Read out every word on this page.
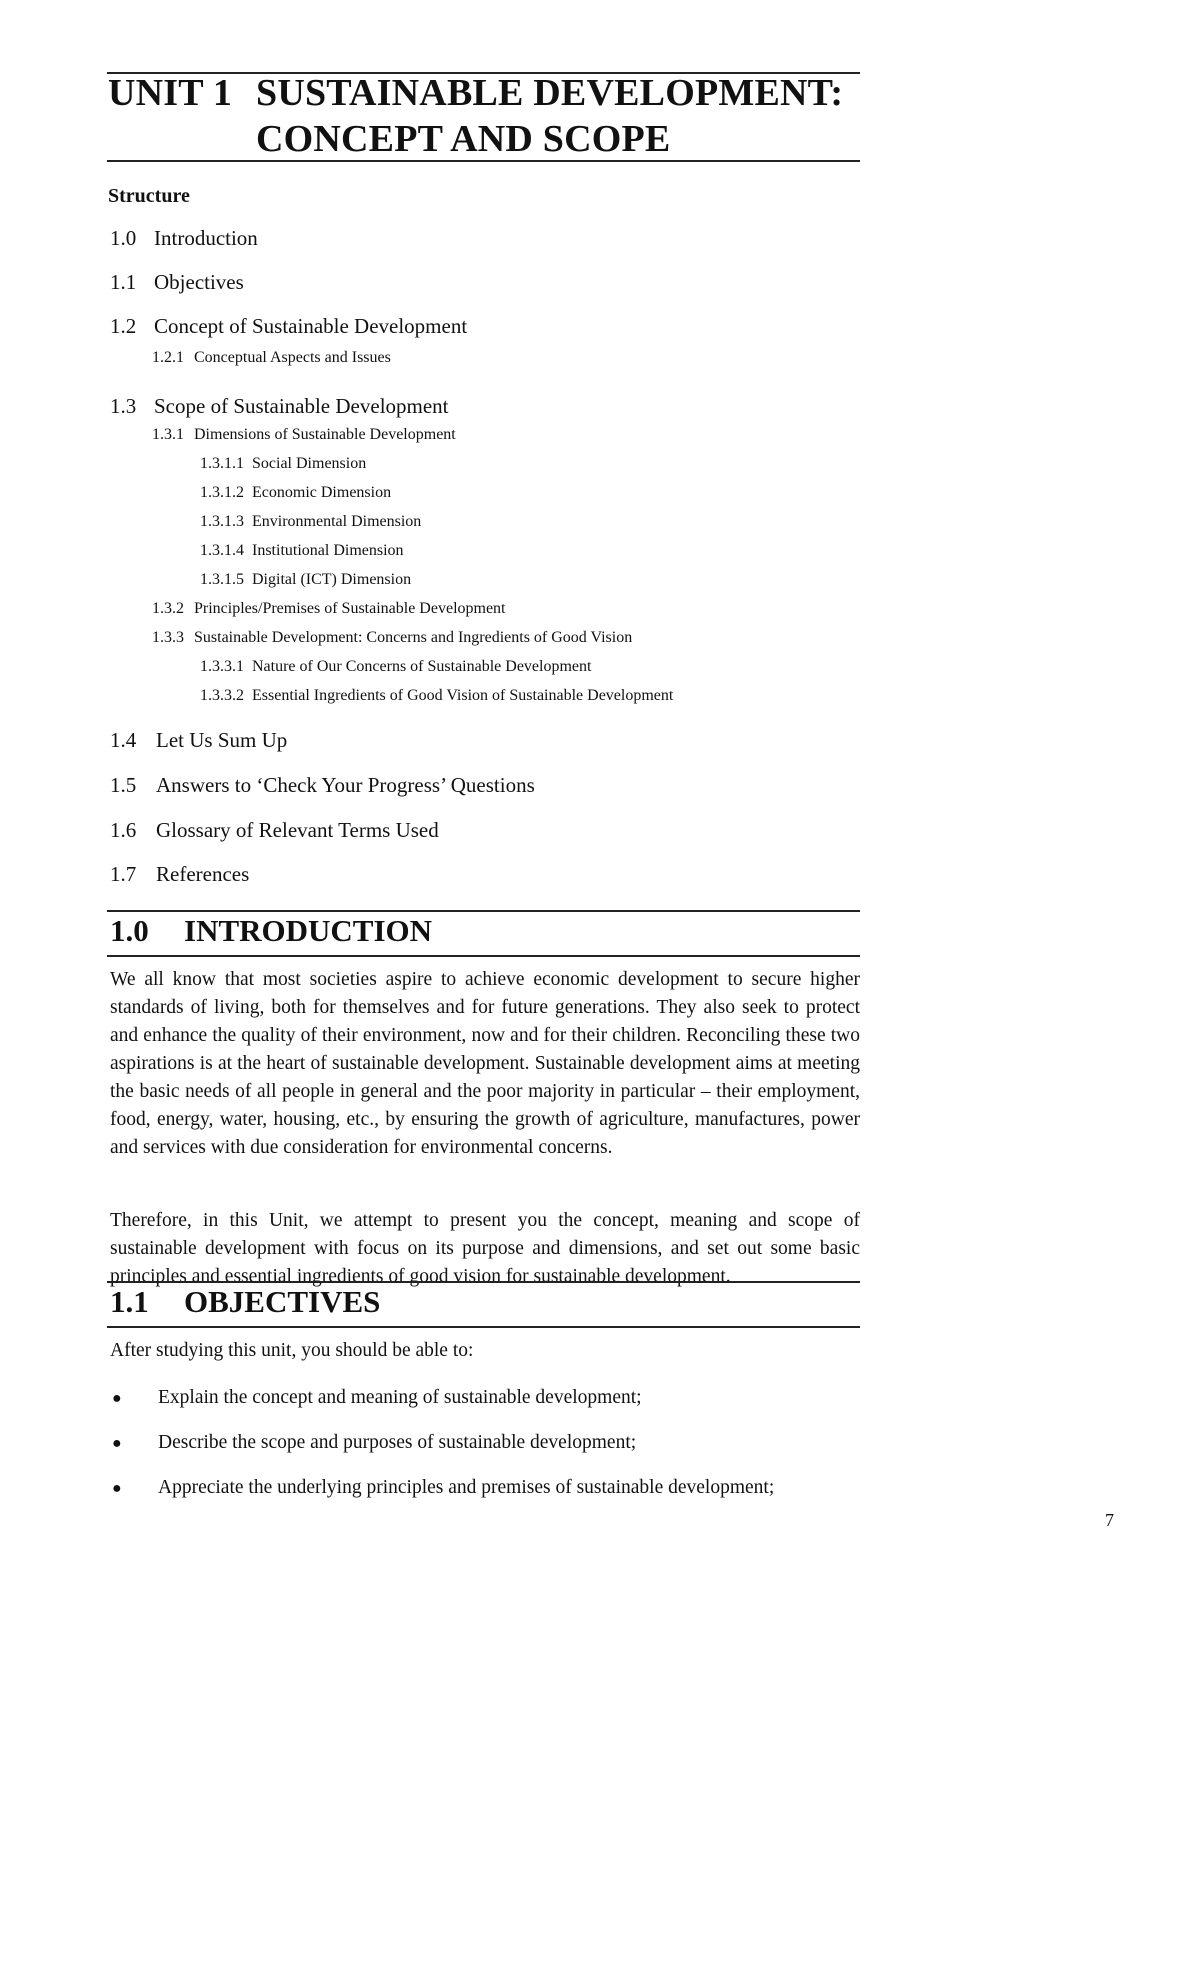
UNIT 1 SUSTAINABLE DEVELOPMENT:
CONCEPT AND SCOPE
Structure
1.0 Introduction
1.1 Objectives
1.2 Concept of Sustainable Development
1.2.1 Conceptual Aspects and Issues
1.3 Scope of Sustainable Development
1.3.1 Dimensions of Sustainable Development
1.3.1.1 Social Dimension
1.3.1.2 Economic Dimension
1.3.1.3 Environmental Dimension
1.3.1.4 Institutional Dimension
1.3.1.5 Digital (ICT) Dimension
1.3.2 Principles/Premises of Sustainable Development
1.3.3 Sustainable Development: Concerns and Ingredients of Good Vision
1.3.3.1 Nature of Our Concerns of Sustainable Development
1.3.3.2 Essential Ingredients of Good Vision of Sustainable Development
1.4 Let Us Sum Up
1.5 Answers to ‘Check Your Progress’ Questions
1.6 Glossary of Relevant Terms Used
1.7 References
1.0 INTRODUCTION

We all know that most societies aspire to achieve economic development to secure higher standards of living, both for themselves and for future generations. They also seek to protect and enhance the quality of their environment, now and for their children. Reconciling these two aspirations is at the heart of sustainable development. Sustainable development aims at meeting the basic needs of all people in general and the poor majority in particular – their employment, food, energy, water, housing, etc., by ensuring the growth of agriculture, manufactures, power and services with due consideration for environmental concerns.

Therefore, in this Unit, we attempt to present you the concept, meaning and scope of sustainable development with focus on its purpose and dimensions, and set out some basic principles and essential ingredients of good vision for sustainable development.

1.1 OBJECTIVES
After studying this unit, you should be able to:
● Explain the concept and meaning of sustainable development;
● Describe the scope and purposes of sustainable development;
● Appreciate the underlying principles and premises of sustainable development;
7
